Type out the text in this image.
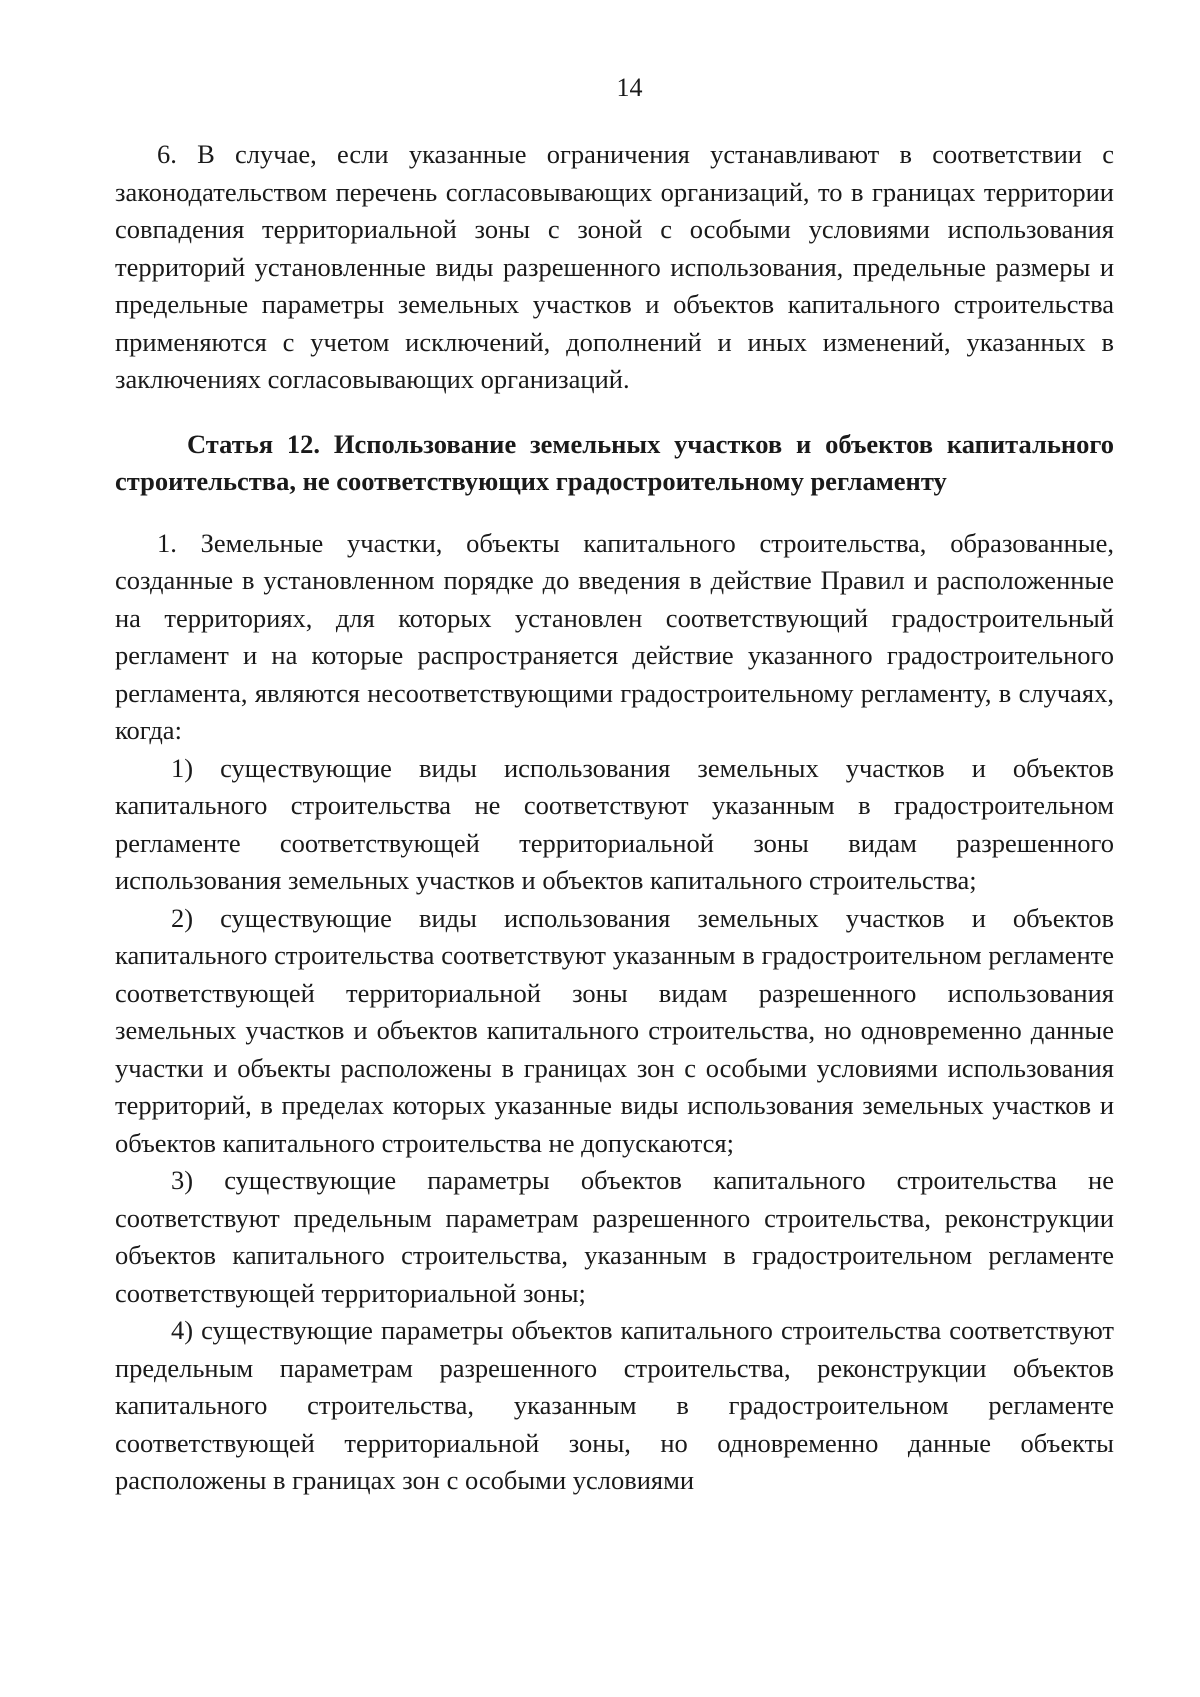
14

6. В случае, если указанные ограничения устанавливают в соответствии с законодательством перечень согласовывающих организаций, то в границах территории совпадения территориальной зоны с зоной с особыми условиями использования территорий установленные виды разрешенного использования, предельные размеры и предельные параметры земельных участков и объектов капитального строительства применяются с учетом исключений, дополнений и иных изменений, указанных в заключениях согласовывающих организаций.

Статья 12. Использование земельных участков и объектов капитального строительства, не соответствующих градостроительному регламенту

1. Земельные участки, объекты капитального строительства, образованные, созданные в установленном порядке до введения в действие Правил и расположенные на территориях, для которых установлен соответствующий градостроительный регламент и на которые распространяется действие указанного градостроительного регламента, являются несоответствующими градостроительному регламенту, в случаях, когда:

1) существующие виды использования земельных участков и объектов капитального строительства не соответствуют указанным в градостроительном регламенте соответствующей территориальной зоны видам разрешенного использования земельных участков и объектов капитального строительства;

2) существующие виды использования земельных участков и объектов капитального строительства соответствуют указанным в градостроительном регламенте соответствующей территориальной зоны видам разрешенного использования земельных участков и объектов капитального строительства, но одновременно данные участки и объекты расположены в границах зон с особыми условиями использования территорий, в пределах которых указанные виды использования земельных участков и объектов капитального строительства не допускаются;

3) существующие параметры объектов капитального строительства не соответствуют предельным параметрам разрешенного строительства, реконструкции объектов капитального строительства, указанным в градостроительном регламенте соответствующей территориальной зоны;

4) существующие параметры объектов капитального строительства соответствуют предельным параметрам разрешенного строительства, реконструкции объектов капитального строительства, указанным в градостроительном регламенте соответствующей территориальной зоны, но одновременно данные объекты расположены в границах зон с особыми условиями
